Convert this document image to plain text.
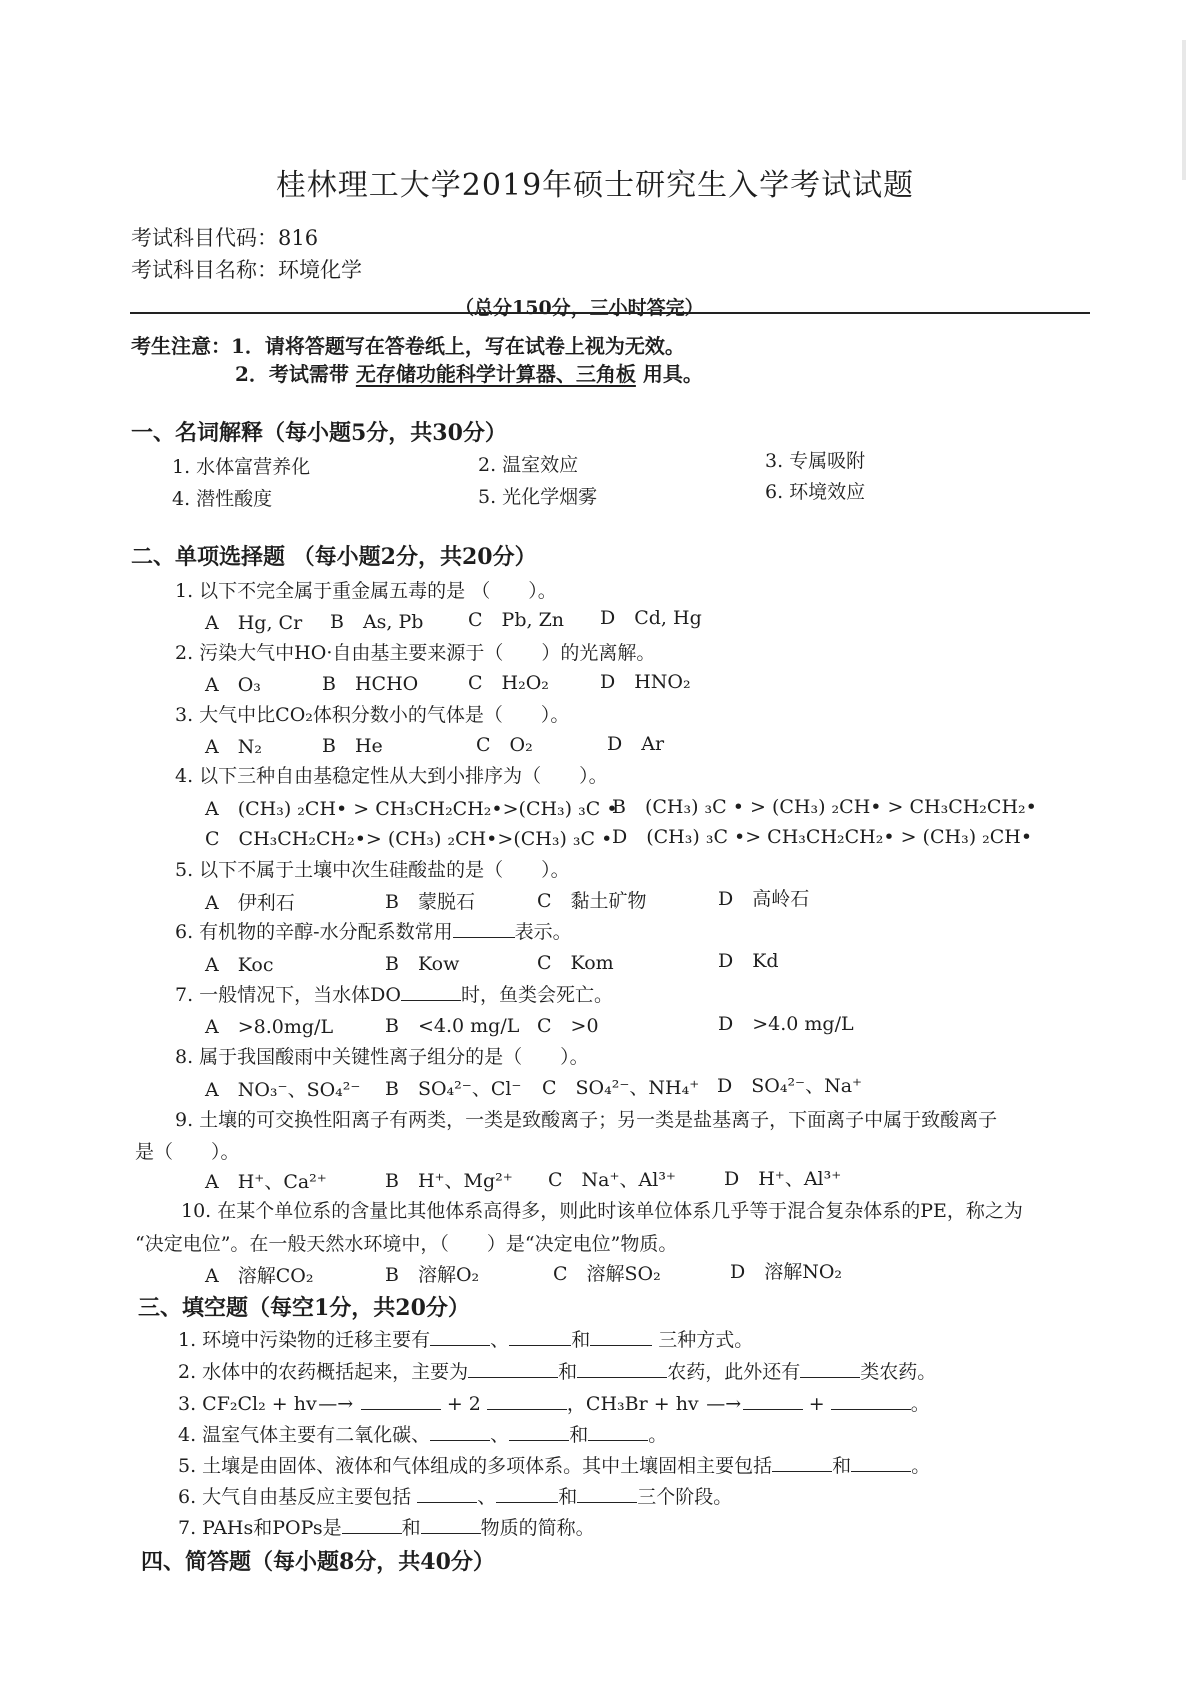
桂林理工大学2019年硕士研究生入学考试试题
考试科目代码：816
考试科目名称：环境化学
（总分150分，三小时答完）
考生注意：1．请将答题写在答卷纸上，写在试卷上视为无效。
2．考试需带 无存储功能科学计算器、三角板 用具。
一、名词解释（每小题5分，共30分）
1. 水体富营养化	2. 温室效应	3. 专属吸附
4. 潜性酸度	5. 光化学烟雾	6. 环境效应
二、单项选择题 （每小题2分，共20分）
1. 以下不完全属于重金属五毒的是 （　　）。
A　Hg, Cr B　As, Pb C　Pb, Zn D　Cd, Hg
2. 污染大气中HO·自由基主要来源于（　　）的光离解。
A　O₃	B　HCHO	C　H₂O₂	D　HNO₂
3. 大气中比CO₂体积分数小的气体是（　　）。
A　N₂	B　He	C　O₂	D　Ar
4. 以下三种自由基稳定性从大到小排序为（　　）。
A　(CH₃) ₂CH• > CH₃CH₂CH₂•>(CH₃) ₃C •
B　(CH₃) ₃C • > (CH₃) ₂CH• > CH₃CH₂CH₂•
C　CH₃CH₂CH₂•> (CH₃) ₂CH•>(CH₃) ₃C • D　(CH₃) ₃C •> CH₃CH₂CH₂• > (CH₃) ₂CH•
5. 以下不属于土壤中次生硅酸盐的是（　　）。
A　伊利石	B　蒙脱石	C　黏土矿物	D　高岭石
6. 有机物的辛醇-水分配系数常用	表示。
A　Koc	B　Kow	C　Kom	D　Kd
7. 一般情况下，当水体DO	时，鱼类会死亡。
A　>8.0mg/L	B　<4.0 mg/L C　>0	D　>4.0 mg/L
8. 属于我国酸雨中关键性离子组分的是（　　）。
A　NO₃⁻、SO₄²⁻ B　SO₄²⁻、Cl⁻ C　SO₄²⁻、NH₄⁺ D　SO₄²⁻、Na⁺
9. 土壤的可交换性阳离子有两类，一类是致酸离子；另一类是盐基离子，下面离子中属于致酸离子
是（　　）。
A　H⁺、Ca²⁺	B　H⁺、Mg²⁺ C　Na⁺、Al³⁺	D　H⁺、Al³⁺
10. 在某个单位系的含量比其他体系高得多，则此时该单位体系几乎等于混合复杂体系的PE，称之为
“决定电位”。在一般天然水环境中，（　　）是“决定电位”物质。
A　溶解CO₂	B　溶解O₂	C　溶解SO₂	D　溶解NO₂
三、填空题（每空1分，共20分）
1. 环境中污染物的迁移主要有	、	和	三种方式。
2. 水体中的农药概括起来，主要为	和	农药，此外还有	类农药。
3. CF₂Cl₂ + hv—→	+ 2	，CH₃Br + hv —→	+	。
4. 温室气体主要有二氧化碳、	、	和	。
5. 土壤是由固体、液体和气体组成的多项体系。其中土壤固相主要包括	和	。
6. 大气自由基反应主要包括	、	和	三个阶段。
7. PAHs和POPs是	和	物质的简称。
四、简答题（每小题8分，共40分）
